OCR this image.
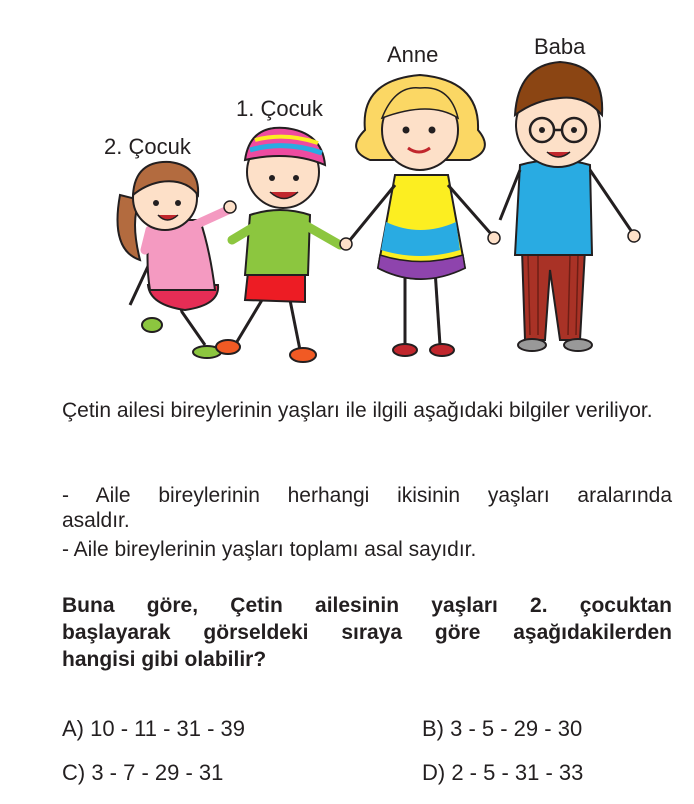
2. Çocuk
1. Çocuk
Anne	Baba
Çetin ailesi bireylerinin yaşları ile ilgili aşağıdaki bilgiler veriliyor.
- Aile bireylerinin herhangi ikisinin yaşları aralarında
asaldır.
- Aile bireylerinin yaşları toplamı asal sayıdır.
Buna göre, Çetin ailesinin yaşları 2. çocuktan
başlayarak görseldeki sıraya göre aşağıdakilerden
hangisi gibi olabilir?
A) 10 - 11 - 31 - 39	B) 3 - 5 - 29 - 30
C) 3 - 7 - 29 - 31	D) 2 - 5 - 31 - 33
